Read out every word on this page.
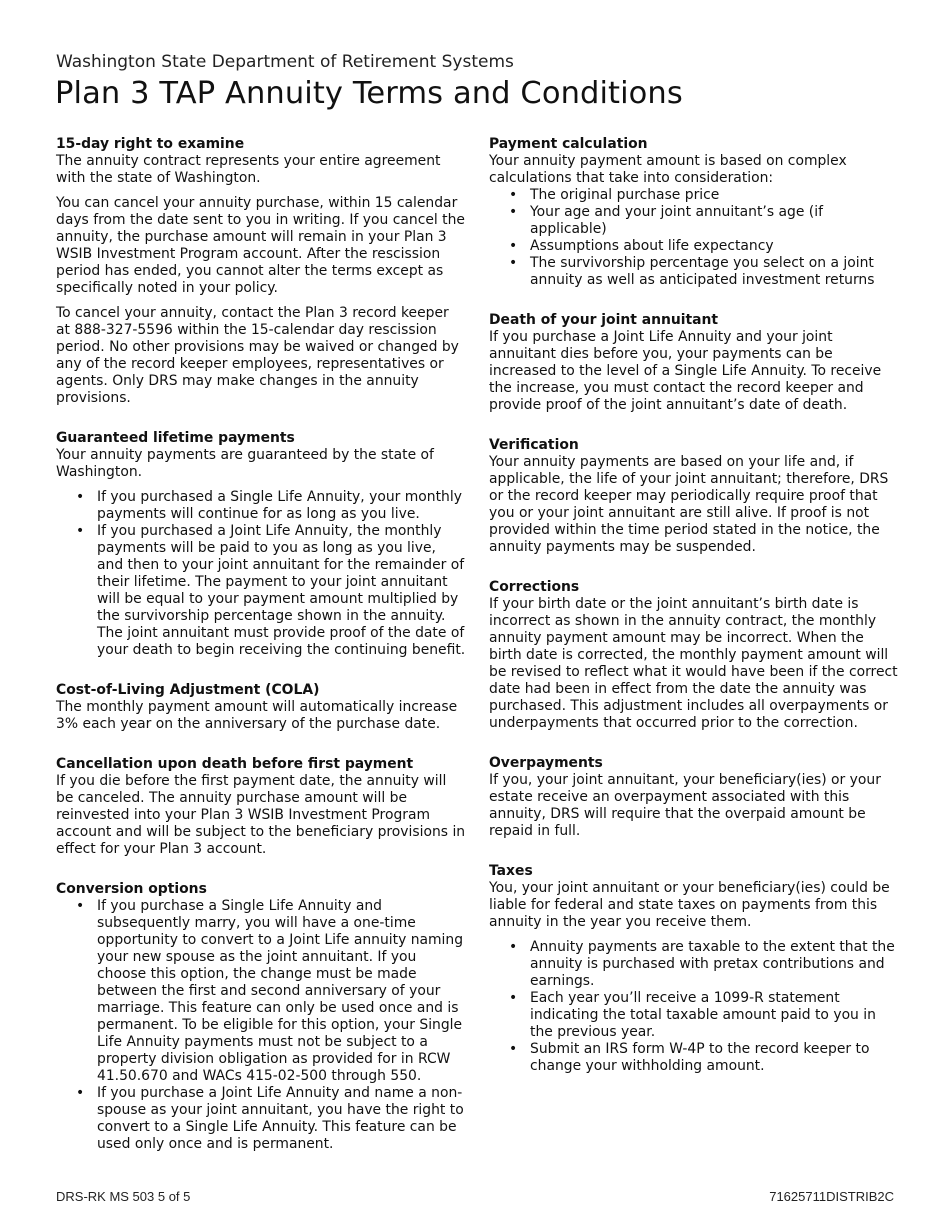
Washington State Department of Retirement Systems
Plan 3 TAP Annuity Terms and Conditions
15-day right to examine

The annuity contract represents your entire agreement with the state of Washington.

You can cancel your annuity purchase, within 15 calendar days from the date sent to you in writing. If you cancel the annuity, the purchase amount will remain in your Plan 3 WSIB Investment Program account. After the rescission period has ended, you cannot alter the terms except as specifically noted in your policy.

To cancel your annuity, contact the Plan 3 record keeper at 888-327-5596 within the 15-calendar day rescission period. No other provisions may be waived or changed by any of the record keeper employees, representatives or agents. Only DRS may make changes in the annuity provisions.

Guaranteed lifetime payments

Your annuity payments are guaranteed by the state of Washington.

• If you purchased a Single Life Annuity, your monthly payments will continue for as long as you live.
• If you purchased a Joint Life Annuity, the monthly payments will be paid to you as long as you live, and then to your joint annuitant for the remainder of their lifetime. The payment to your joint annuitant will be equal to your payment amount multiplied by the survivorship percentage shown in the annuity. The joint annuitant must provide proof of the date of your death to begin receiving the continuing benefit.
Cost-of-Living Adjustment (COLA)

The monthly payment amount will automatically increase 3% each year on the anniversary of the purchase date.

Cancellation upon death before first payment

If you die before the first payment date, the annuity will be canceled. The annuity purchase amount will be reinvested into your Plan 3 WSIB Investment Program account and will be subject to the beneficiary provisions in effect for your Plan 3 account.

Conversion options
• If you purchase a Single Life Annuity and subsequently marry, you will have a one-time opportunity to convert to a Joint Life annuity naming your new spouse as the joint annuitant. If you choose this option, the change must be made between the first and second anniversary of your marriage. This feature can only be used once and is permanent. To be eligible for this option, your Single Life Annuity payments must not be subject to a property division obligation as provided for in RCW 41.50.670 and WACs 415-02-500 through 550.
• If you purchase a Joint Life Annuity and name a non-spouse as your joint annuitant, you have the right to convert to a Single Life Annuity. This feature can be used only once and is permanent.
Payment calculation

Your annuity payment amount is based on complex calculations that take into consideration:

• The original purchase price
• Your age and your joint annuitant’s age (if applicable)
• Assumptions about life expectancy
• The survivorship percentage you select on a joint annuity as well as anticipated investment returns
Death of your joint annuitant

If you purchase a Joint Life Annuity and your joint annuitant dies before you, your payments can be increased to the level of a Single Life Annuity. To receive the increase, you must contact the record keeper and provide proof of the joint annuitant’s date of death.

Verification

Your annuity payments are based on your life and, if applicable, the life of your joint annuitant; therefore, DRS or the record keeper may periodically require proof that you or your joint annuitant are still alive. If proof is not provided within the time period stated in the notice, the annuity payments may be suspended.

Corrections

If your birth date or the joint annuitant’s birth date is incorrect as shown in the annuity contract, the monthly annuity payment amount may be incorrect. When the birth date is corrected, the monthly payment amount will be revised to reflect what it would have been if the correct date had been in effect from the date the annuity was purchased. This adjustment includes all overpayments or underpayments that occurred prior to the correction.

Overpayments

If you, your joint annuitant, your beneficiary(ies) or your estate receive an overpayment associated with this annuity, DRS will require that the overpaid amount be repaid in full.

Taxes

You, your joint annuitant or your beneficiary(ies) could be liable for federal and state taxes on payments from this annuity in the year you receive them.

• Annuity payments are taxable to the extent that the annuity is purchased with pretax contributions and earnings.
• Each year you’ll receive a 1099-R statement indicating the total taxable amount paid to you in the previous year.
• Submit an IRS form W-4P to the record keeper to change your withholding amount.
DRS-RK MS 503 5 of 5	71625711DISTRIB2C
